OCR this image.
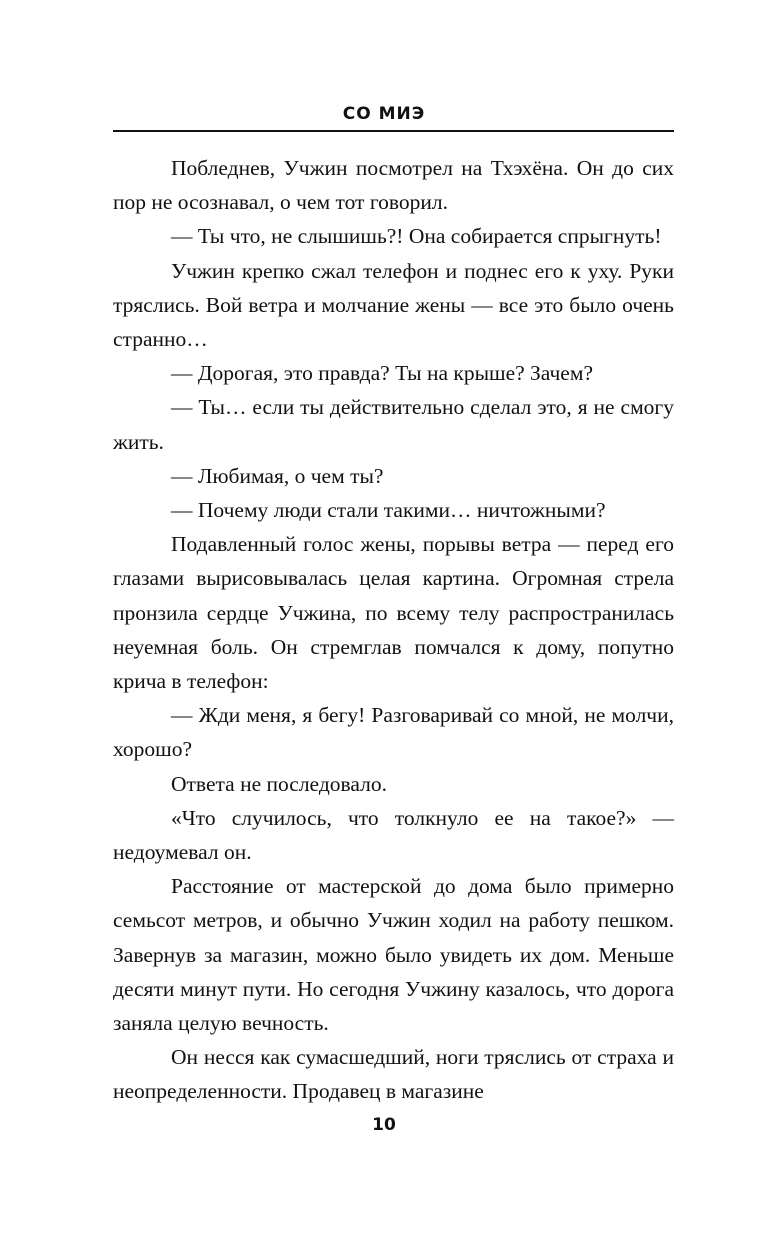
СО МИЭ

Побледнев, Учжин посмотрел на Тхэхёна. Он до сих пор не осознавал, о чем тот говорил.

— Ты что, не слышишь?! Она собирается спрыгнуть!

Учжин крепко сжал телефон и поднес его к уху. Руки тряслись. Вой ветра и молчание жены — все это было очень странно…

— Дорогая, это правда? Ты на крыше? Зачем?

— Ты… если ты действительно сделал это, я не смогу жить.

— Любимая, о чем ты?

— Почему люди стали такими… ничтожными?

Подавленный голос жены, порывы ветра — перед его глазами вырисовывалась целая картина. Огромная стрела пронзила сердце Учжина, по всему телу распространилась неуемная боль. Он стремглав помчался к дому, попутно крича в телефон:

— Жди меня, я бегу! Разговаривай со мной, не молчи, хорошо?

Ответа не последовало.

«Что случилось, что толкнуло ее на такое?» — недоумевал он.

Расстояние от мастерской до дома было примерно семьсот метров, и обычно Учжин ходил на работу пешком. Завернув за магазин, можно было увидеть их дом. Меньше десяти минут пути. Но сегодня Учжину казалось, что дорога заняла целую вечность.

Он несся как сумасшедший, ноги тряслись от страха и неопределенности. Продавец в магазине

10
